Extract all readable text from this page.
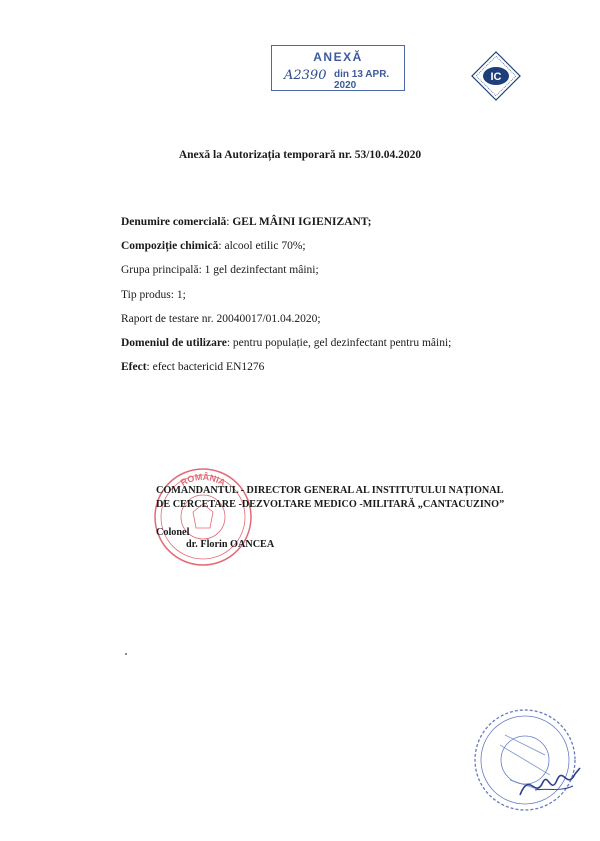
ANEXĂ
A2390 din 13 APR. 2020
IC
Anexă la Autorizația temporară nr. 53/10.04.2020
Denumire comercială: GEL MÂINI IGIENIZANT;
Compoziție chimică: alcool etilic 70%;
Grupa principală: 1 gel dezinfectant mâini;
Tip produs: 1;
Raport de testare nr. 20040017/01.04.2020;
Domeniul de utilizare: pentru populație, gel dezinfectant pentru mâini;
Efect: efect bactericid EN1276
ROMÂNIA
COMANDANTUL - DIRECTOR GENERAL AL INSTITUTULUI NAȚIONAL
DE CERCETARE -DEZVOLTARE MEDICO -MILITARĂ „CANTACUZINO”
Colonel
dr. Florin OANCEA
